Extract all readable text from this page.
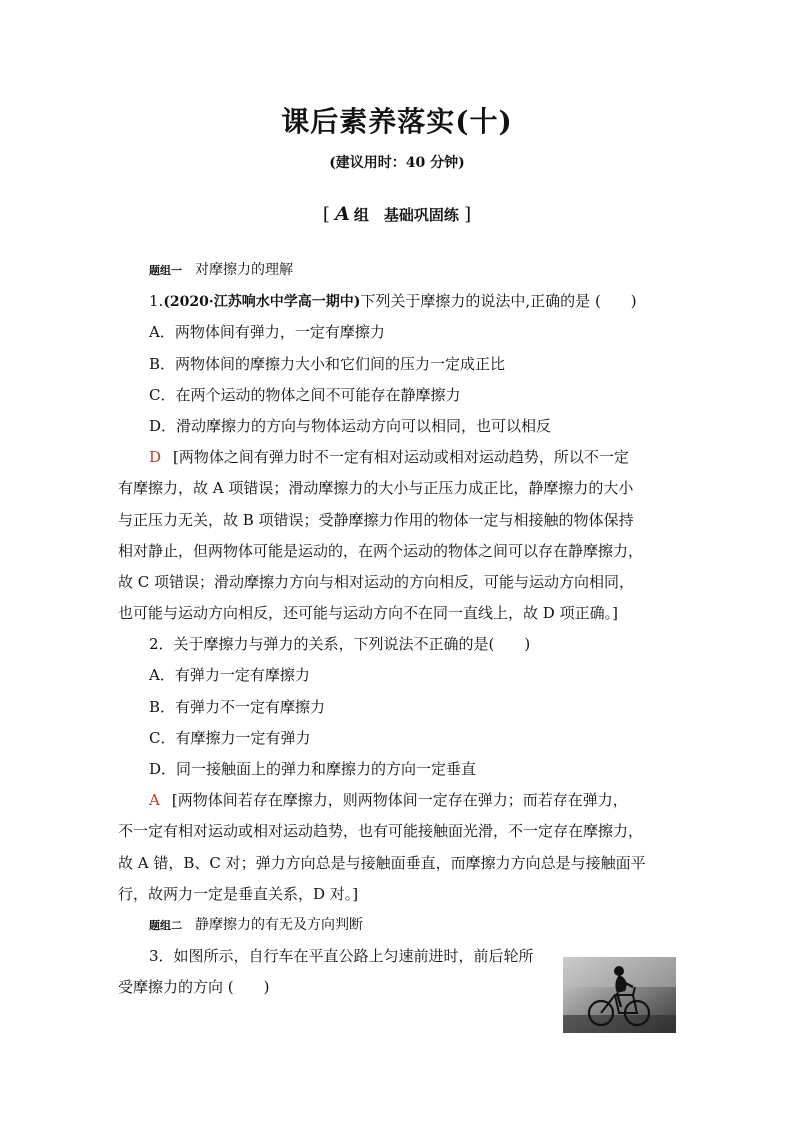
课后素养落实(十)
(建议用时：40 分钟)
[ A 组　基础巩固练 ]
题组一 对摩擦力的理解
1.(2020·江苏响水中学高一期中)下列关于摩擦力的说法中,正确的是 (　　)
A．两物体间有弹力，一定有摩擦力
B．两物体间的摩擦力大小和它们间的压力一定成正比
C．在两个运动的物体之间不可能存在静摩擦力
D．滑动摩擦力的方向与物体运动方向可以相同，也可以相反
D [两物体之间有弹力时不一定有相对运动或相对运动趋势，所以不一定
有摩擦力，故 A 项错误；滑动摩擦力的大小与正压力成正比，静摩擦力的大小
与正压力无关，故 B 项错误；受静摩擦力作用的物体一定与相接触的物体保持
相对静止，但两物体可能是运动的，在两个运动的物体之间可以存在静摩擦力，
故 C 项错误；滑动摩擦力方向与相对运动的方向相反，可能与运动方向相同，
也可能与运动方向相反，还可能与运动方向不在同一直线上，故 D 项正确。]
2．关于摩擦力与弹力的关系，下列说法不正确的是(　　)
A．有弹力一定有摩擦力
B．有弹力不一定有摩擦力
C．有摩擦力一定有弹力
D．同一接触面上的弹力和摩擦力的方向一定垂直
A [两物体间若存在摩擦力，则两物体间一定存在弹力；而若存在弹力，
不一定有相对运动或相对运动趋势，也有可能接触面光滑，不一定存在摩擦力，
故 A 错，B、C 对；弹力方向总是与接触面垂直，而摩擦力方向总是与接触面平
行，故两力一定是垂直关系，D 对。]
题组二 静摩擦力的有无及方向判断
3．如图所示，自行车在平直公路上匀速前进时，前后轮所
受摩擦力的方向 (　　)
